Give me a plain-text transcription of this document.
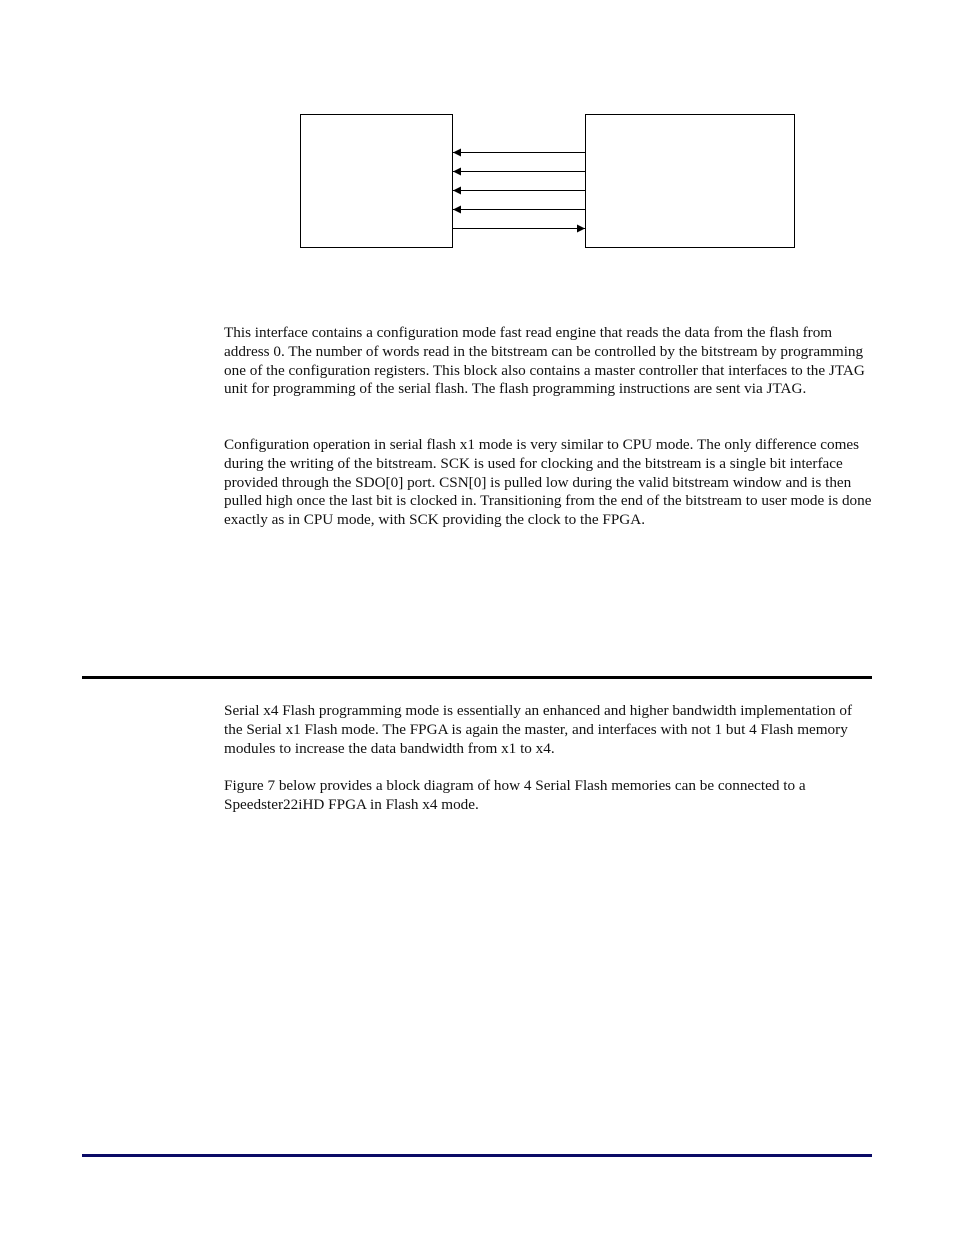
This interface contains a configuration mode fast read engine that reads the data from the flash from address 0. The number of words read in the bitstream can be controlled by the bitstream by programming one of the configuration registers. This block also contains a master controller that interfaces to the JTAG unit for programming of the serial flash. The flash programming instructions are sent via JTAG.

Configuration operation in serial flash x1 mode is very similar to CPU mode. The only difference comes during the writing of the bitstream. SCK is used for clocking and the bitstream is a single bit interface provided through the SDO[0] port. CSN[0] is pulled low during the valid bitstream window and is then pulled high once the last bit is clocked in. Transitioning from the end of the bitstream to user mode is done exactly as in CPU mode, with SCK providing the clock to the FPGA.

Serial x4 Flash programming mode is essentially an enhanced and higher bandwidth implementation of the Serial x1 Flash mode. The FPGA is again the master, and interfaces with not 1 but 4 Flash memory modules to increase the data bandwidth from x1 to x4.

Figure 7 below provides a block diagram of how 4 Serial Flash memories can be connected to a Speedster22iHD FPGA in Flash x4 mode.
